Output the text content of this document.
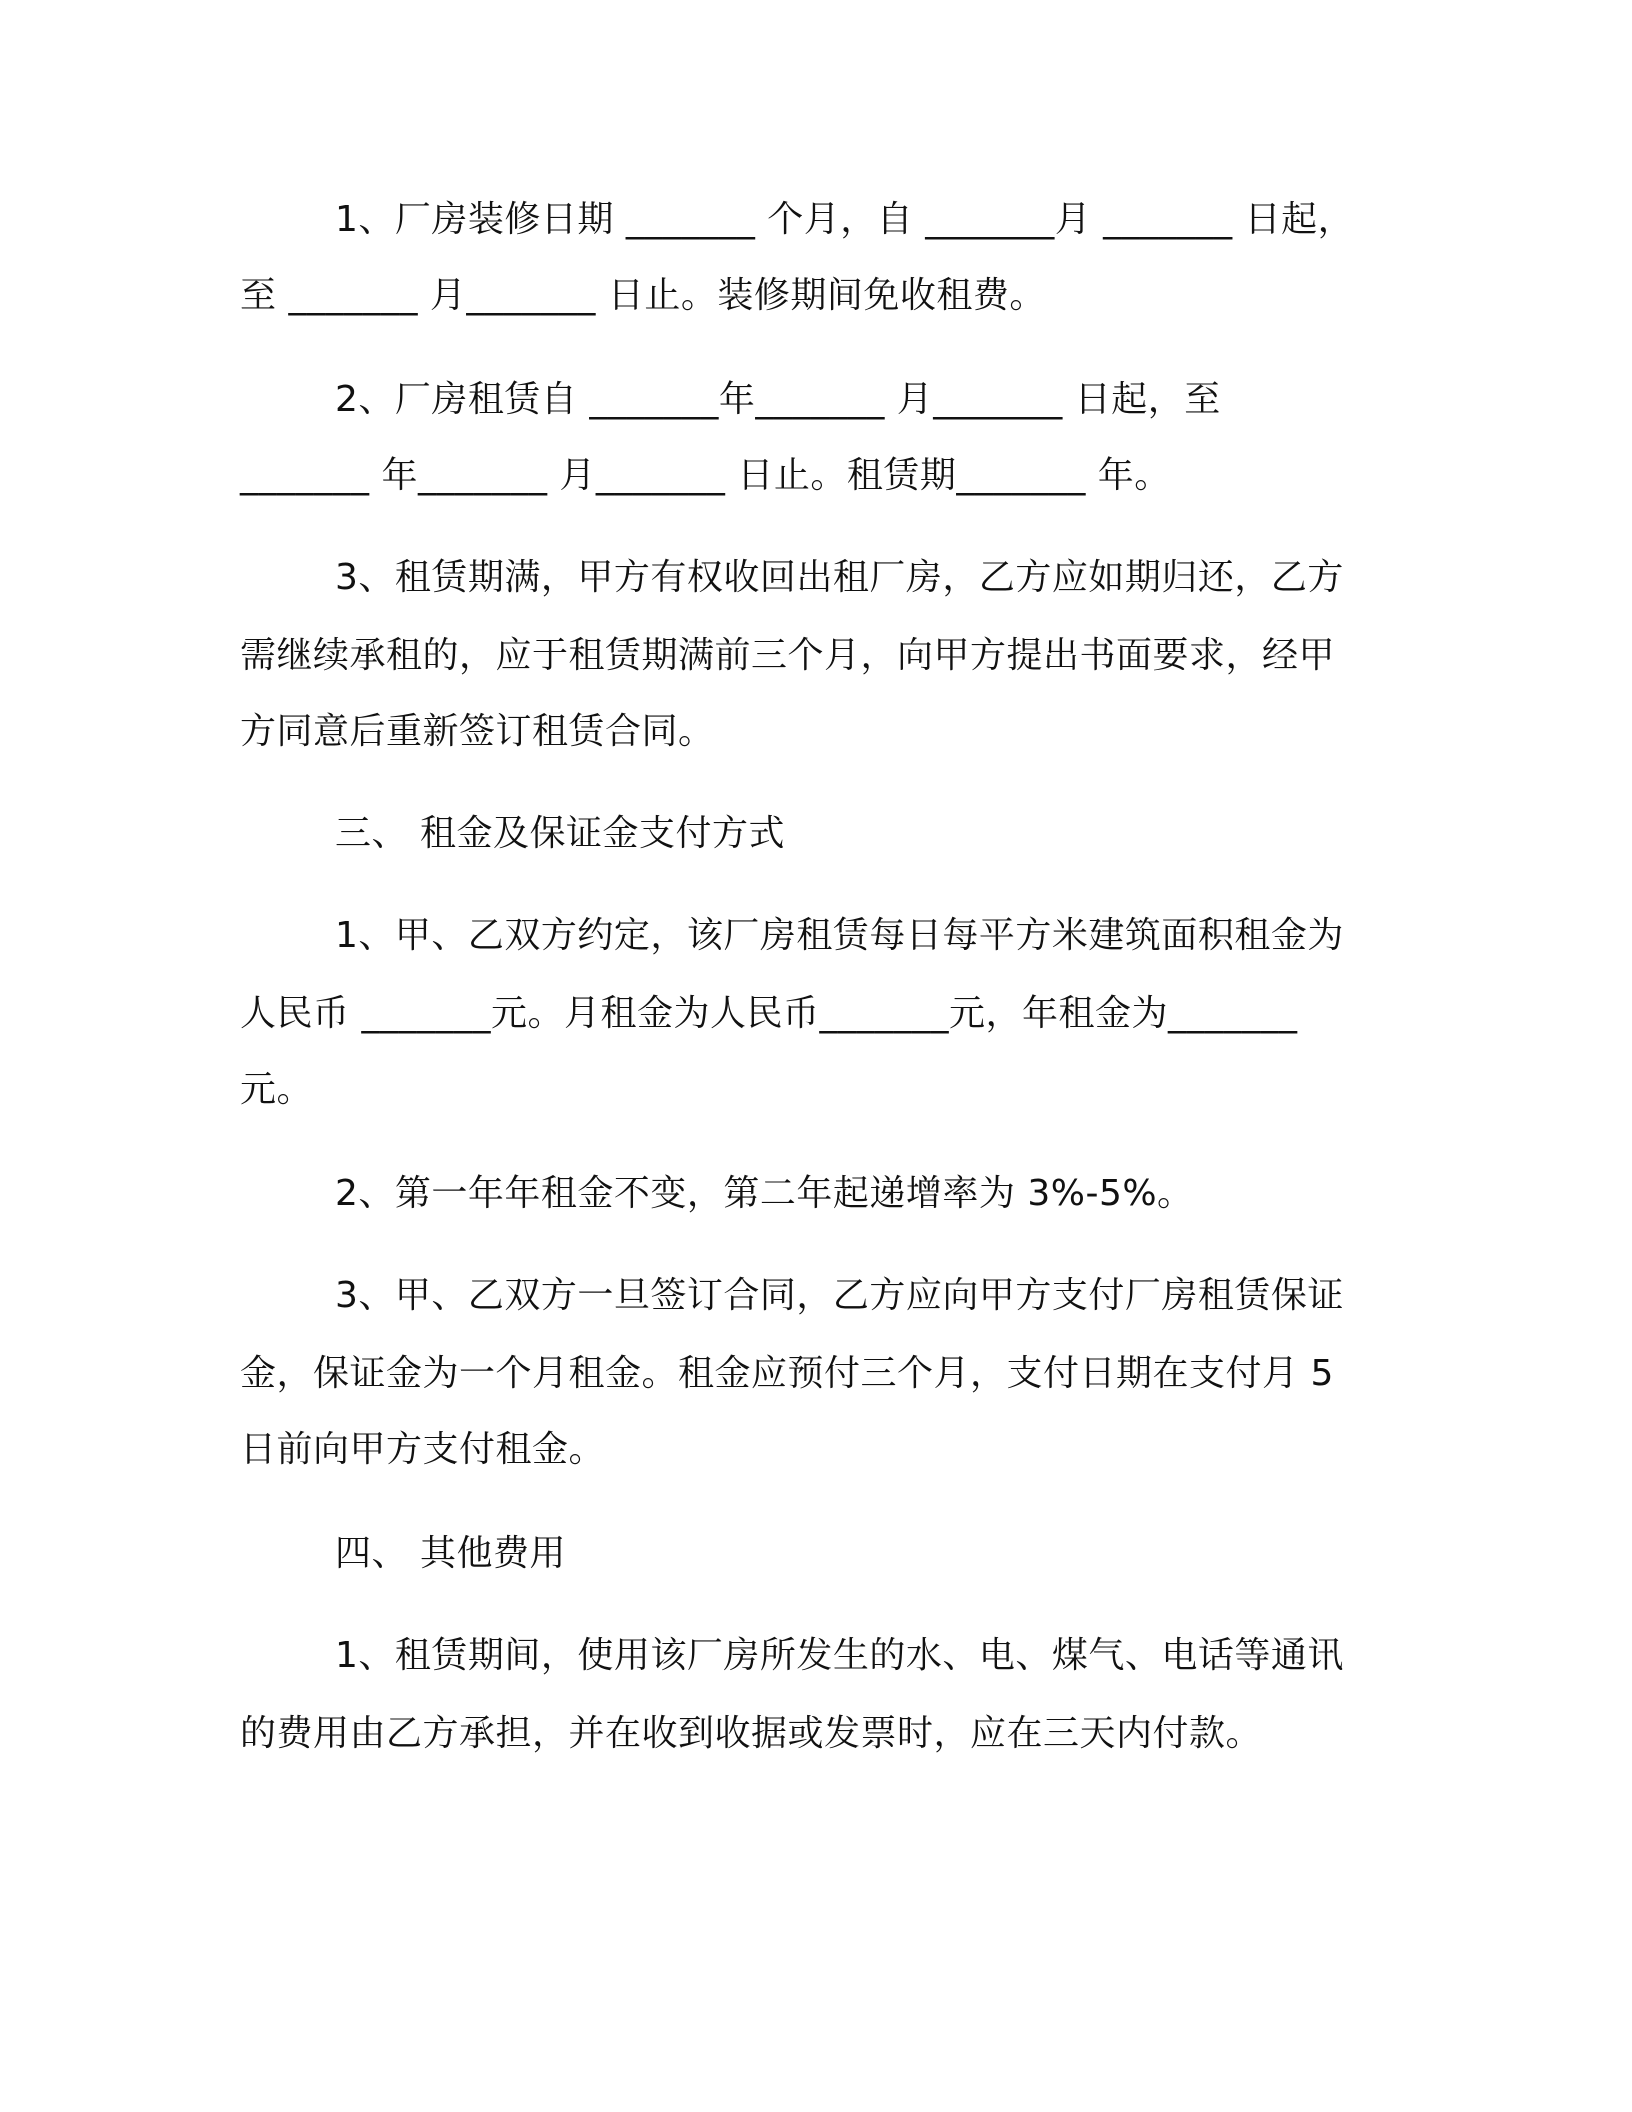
1、厂房装修日期 _______ 个月，自 _______月 _______ 日起，
至 _______ 月_______ 日止。装修期间免收租费。
2、厂房租赁自 _______年_______ 月_______ 日起，至
_______ 年_______ 月_______ 日止。租赁期_______ 年。
3、租赁期满，甲方有权收回出租厂房，乙方应如期归还，乙方
需继续承租的，应于租赁期满前三个月，向甲方提出书面要求，经甲
方同意后重新签订租赁合同。
三、 租金及保证金支付方式
1、甲、乙双方约定，该厂房租赁每日每平方米建筑面积租金为
人民币 _______元。月租金为人民币_______元，年租金为_______
元。
2、第一年年租金不变，第二年起递增率为 3%-5%。
3、甲、乙双方一旦签订合同，乙方应向甲方支付厂房租赁保证
金，保证金为一个月租金。租金应预付三个月，支付日期在支付月 5
日前向甲方支付租金。
四、 其他费用
1、租赁期间，使用该厂房所发生的水、电、煤气、电话等通讯
的费用由乙方承担，并在收到收据或发票时，应在三天内付款。
